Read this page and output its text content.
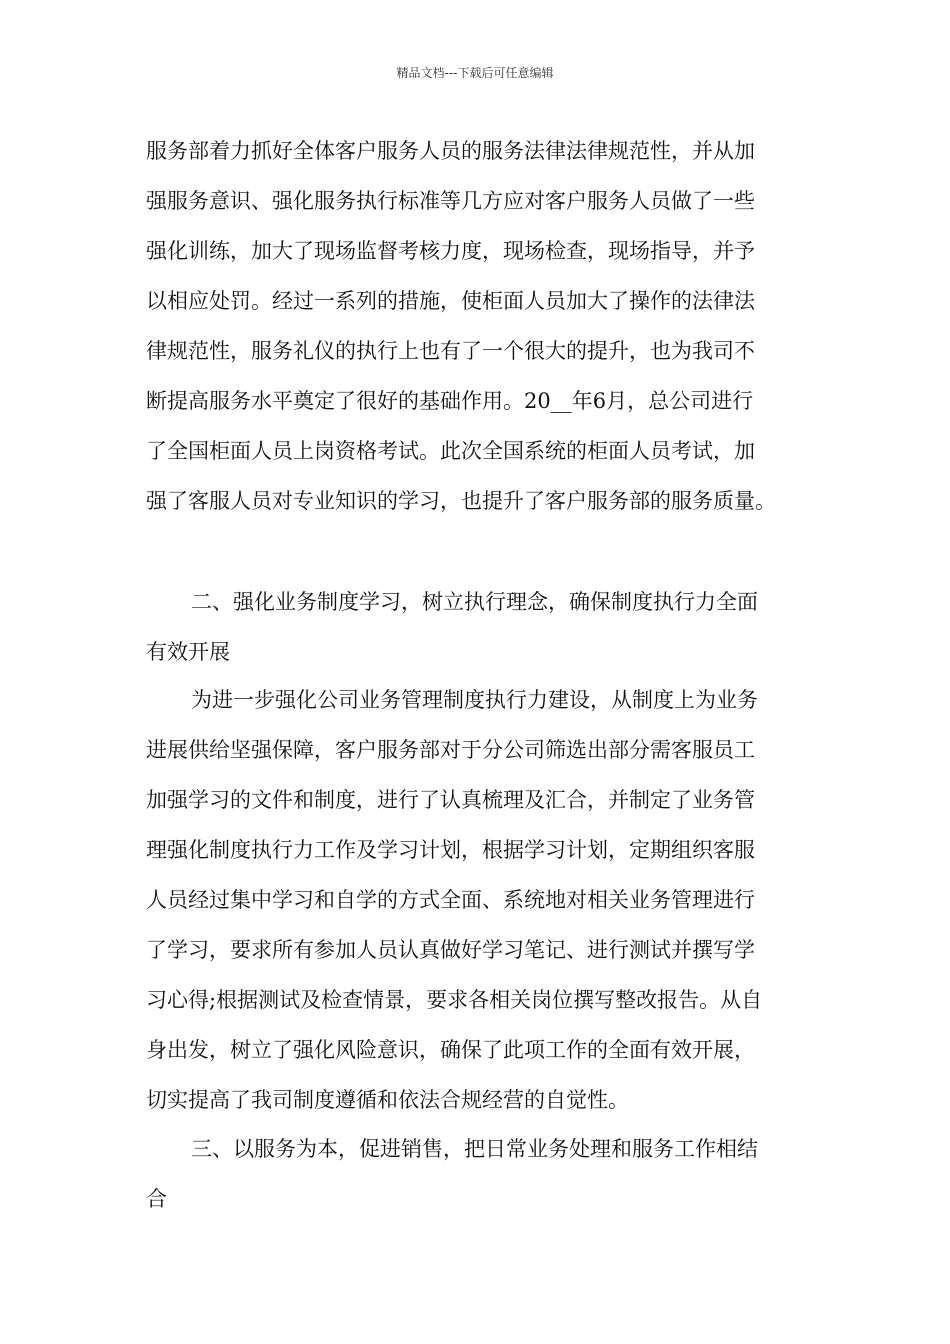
精品文档---下载后可任意编辑
服务部着力抓好全体客户服务人员的服务法律法律规范性，并从加
强服务意识、强化服务执行标准等几方应对客户服务人员做了一些
强化训练，加大了现场监督考核力度，现场检查，现场指导，并予
以相应处罚。经过一系列的措施，使柜面人员加大了操作的法律法
律规范性，服务礼仪的执行上也有了一个很大的提升，也为我司不
断提高服务水平奠定了很好的基础作用。20__年6月，总公司进行
了全国柜面人员上岗资格考试。此次全国系统的柜面人员考试，加
强了客服人员对专业知识的学习，也提升了客户服务部的服务质量。
二、强化业务制度学习，树立执行理念，确保制度执行力全面
有效开展
为进一步强化公司业务管理制度执行力建设，从制度上为业务
进展供给坚强保障，客户服务部对于分公司筛选出部分需客服员工
加强学习的文件和制度，进行了认真梳理及汇合，并制定了业务管
理强化制度执行力工作及学习计划，根据学习计划，定期组织客服
人员经过集中学习和自学的方式全面、系统地对相关业务管理进行
了学习，要求所有参加人员认真做好学习笔记、进行测试并撰写学
习心得;根据测试及检查情景，要求各相关岗位撰写整改报告。从自
身出发，树立了强化风险意识，确保了此项工作的全面有效开展，
切实提高了我司制度遵循和依法合规经营的自觉性。
三、以服务为本，促进销售，把日常业务处理和服务工作相结
合
